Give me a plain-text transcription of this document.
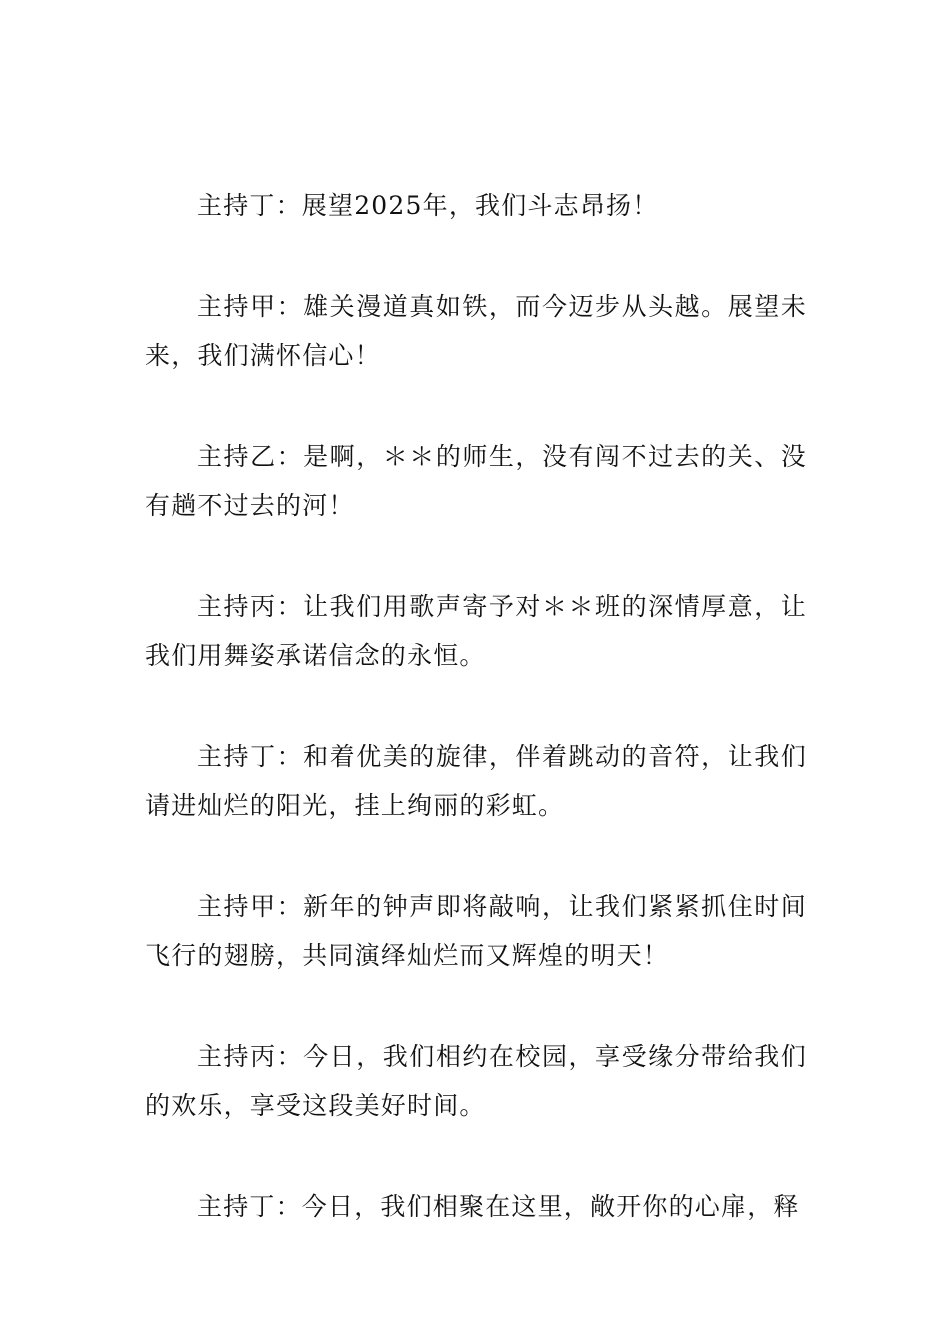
主持丁：展望2025年，我们斗志昂扬！

主持甲：雄关漫道真如铁，而今迈步从头越。展望未来，我们满怀信心！

主持乙：是啊，＊＊的师生，没有闯不过去的关、没有趟不过去的河！

主持丙：让我们用歌声寄予对＊＊班的深情厚意，让我们用舞姿承诺信念的永恒。

主持丁：和着优美的旋律，伴着跳动的音符，让我们请进灿烂的阳光，挂上绚丽的彩虹。

主持甲：新年的钟声即将敲响，让我们紧紧抓住时间飞行的翅膀，共同演绎灿烂而又辉煌的明天！

主持丙：今日，我们相约在校园，享受缘分带给我们的欢乐，享受这段美好时间。

主持丁：今日，我们相聚在这里，敞开你的心扉，释
